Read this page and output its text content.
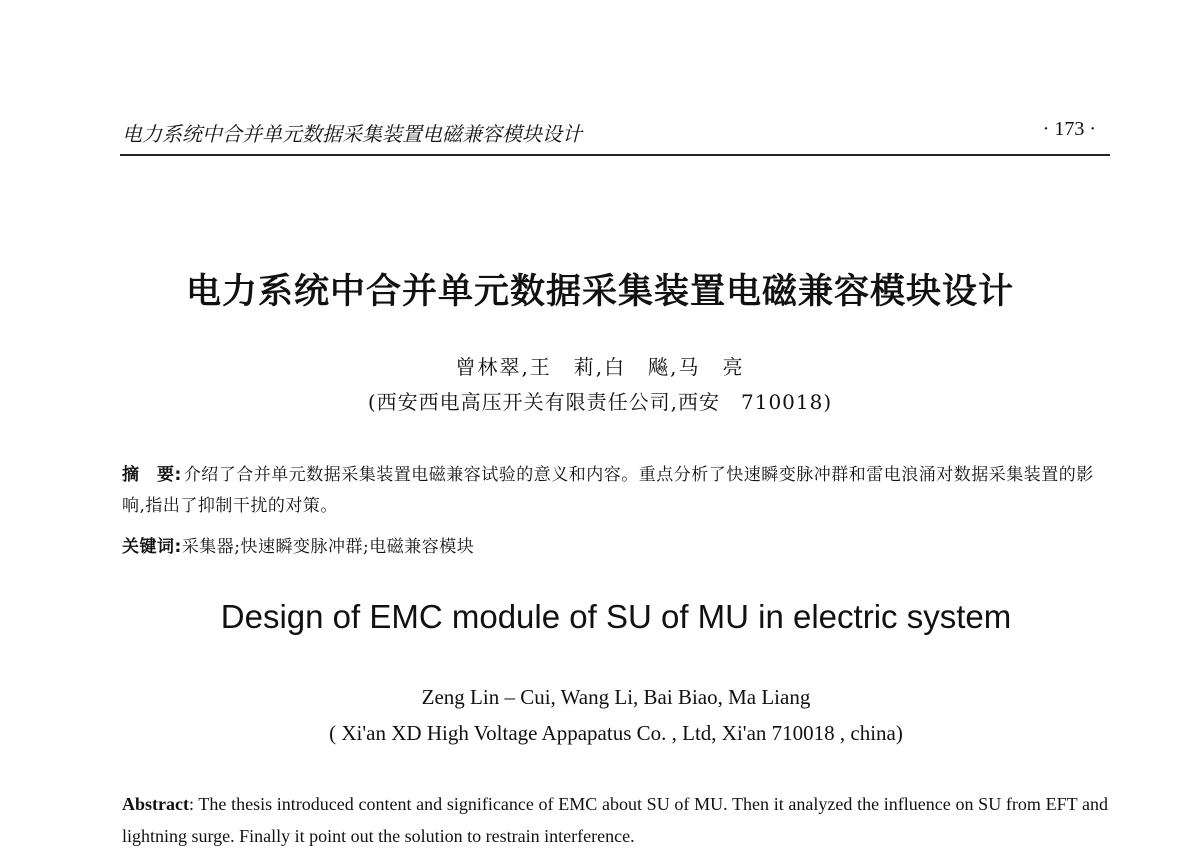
电力系统中合并单元数据采集装置电磁兼容模块设计	· 173 ·
电力系统中合并单元数据采集装置电磁兼容模块设计
曾林翠,王　莉,白　飚,马　亮
(西安西电高压开关有限责任公司,西安　710018)
摘　要: 介绍了合并单元数据采集装置电磁兼容试验的意义和内容。重点分析了快速瞬变脉冲群和雷电浪涌对数据采集装置的影响,指出了抑制干扰的对策。
关键词:采集器;快速瞬变脉冲群;电磁兼容模块
Design of EMC module of SU of MU in electric system
Zeng Lin – Cui, Wang Li, Bai Biao, Ma Liang
( Xi'an XD High Voltage Appapatus Co. , Ltd, Xi'an 710018 , china)
Abstract: The thesis introduced content and significance of EMC about SU of MU. Then it analyzed the influence on SU from EFT and lightning surge. Finally it point out the solution to restrain interference.
